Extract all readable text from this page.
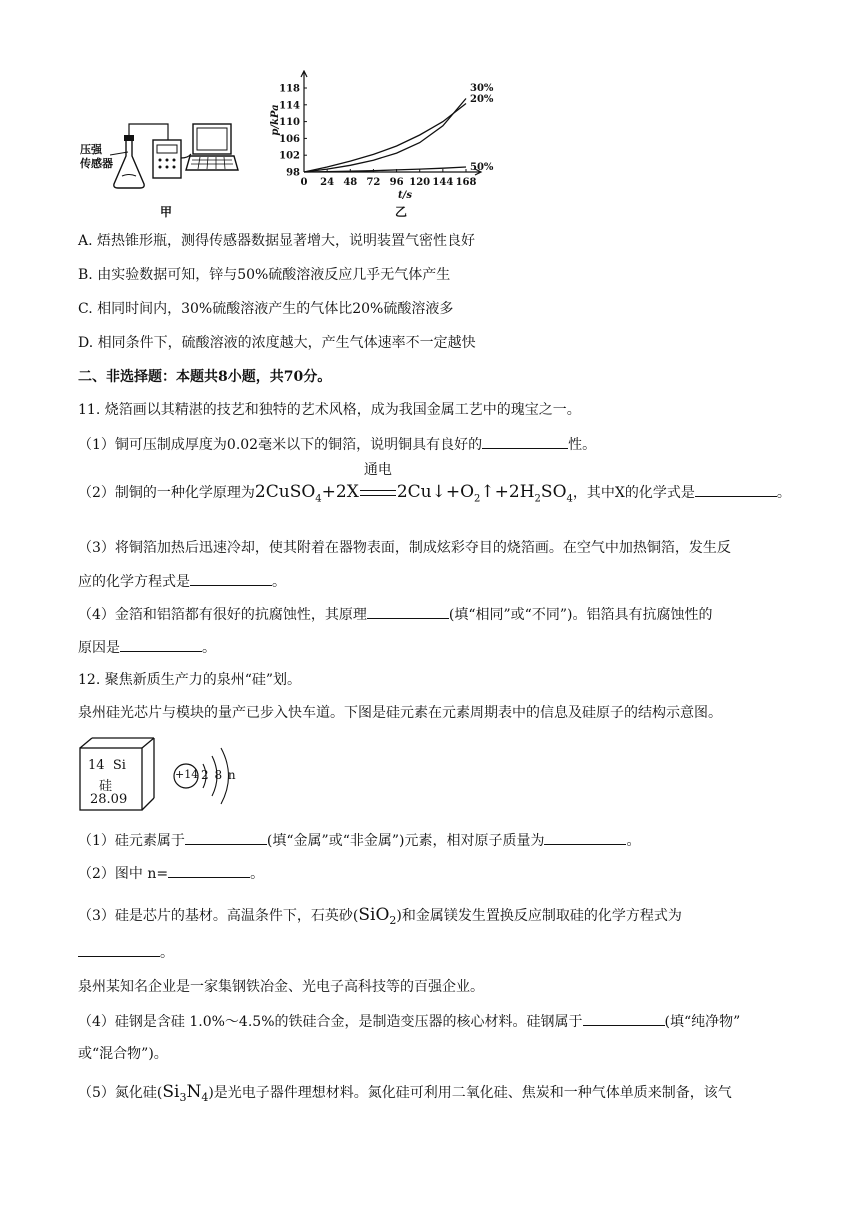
压强
传感器
甲
98
102
106
110
114
118
0 24 48 72 96 120 144 168
p/kPa
t/s
30%
20%
50%
乙
A. 焐热锥形瓶，测得传感器数据显著增大，说明装置气密性良好
B. 由实验数据可知，锌与50%硫酸溶液反应几乎无气体产生
C. 相同时间内，30%硫酸溶液产生的气体比20%硫酸溶液多
D. 相同条件下，硫酸溶液的浓度越大，产生气体速率不一定越快
二、非选择题：本题共8小题，共70分。
11. 烧箔画以其精湛的技艺和独特的艺术风格，成为我国金属工艺中的瑰宝之一。
（1）铜可压制成厚度为0.02毫米以下的铜箔，说明铜具有良好的	性。
（2）制铜的一种化学原理为2CuSO$_4$+2X
通电
$2Cu↓+O_2↑+2H_2SO_4$，其中X的化学式是	。
（3）将铜箔加热后迅速冷却，使其附着在器物表面，制成炫彩夺目的烧箔画。在空气中加热铜箔，发生反
应的化学方程式是	。
（4）金箔和铝箔都有很好的抗腐蚀性，其原理	(填“相同”或“不同”)。铝箔具有抗腐蚀性的
原因是	。
12. 聚焦新质生产力的泉州“硅”划。
泉州硅光芯片与模块的量产已步入快车道。下图是硅元素在元素周期表中的信息及硅原子的结构示意图。
14 Si
硅
28.09
+14 2 8 n
（1）硅元素属于	(填“金属”或“非金属”)元素，相对原子质量为	。
（2）图中 n=	。
（3）硅是芯片的基材。高温条件下，石英砂(SiO$_2$)和金属镁发生置换反应制取硅的化学方程式为
。
泉州某知名企业是一家集钢铁冶金、光电子高科技等的百强企业。
（4）硅钢是含硅 1.0%～4.5%的铁硅合金，是制造变压器的核心材料。硅钢属于	(填“纯净物”
或“混合物”)。
（5）氮化硅$(Si_3N_4)$是光电子器件理想材料。氮化硅可利用二氧化硅、焦炭和一种气体单质来制备，该气
